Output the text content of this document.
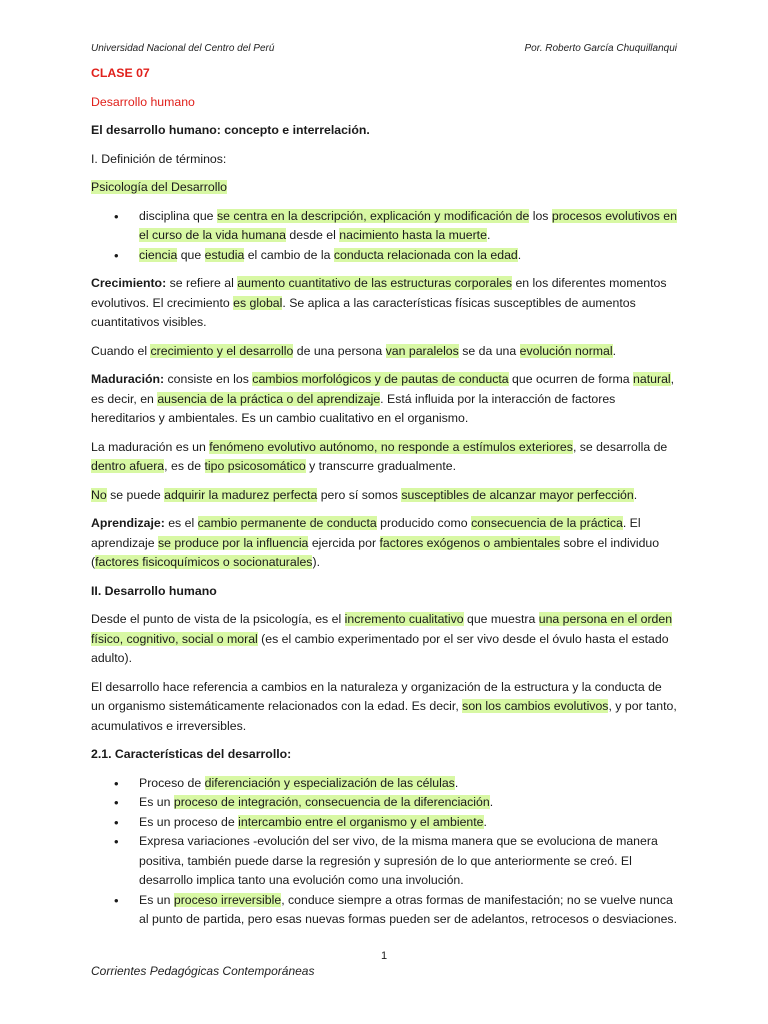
Universidad Nacional del Centro del Perú	Por. Roberto García Chuquillanqui

CLASE 07

Desarrollo humano

El desarrollo humano: concepto e interrelación.

I. Definición de términos:

Psicología del Desarrollo

• disciplina que se centra en la descripción, explicación y modificación de los procesos evolutivos en el curso de la vida humana desde el nacimiento hasta la muerte.
• ciencia que estudia el cambio de la conducta relacionada con la edad.

Crecimiento: se refiere al aumento cuantitativo de las estructuras corporales en los diferentes momentos evolutivos. El crecimiento es global. Se aplica a las características físicas susceptibles de aumentos cuantitativos visibles.

Cuando el crecimiento y el desarrollo de una persona van paralelos se da una evolución normal.

Maduración: consiste en los cambios morfológicos y de pautas de conducta que ocurren de forma natural, es decir, en ausencia de la práctica o del aprendizaje. Está influida por la interacción de factores hereditarios y ambientales. Es un cambio cualitativo en el organismo.

La maduración es un fenómeno evolutivo autónomo, no responde a estímulos exteriores, se desarrolla de dentro afuera, es de tipo psicosomático y transcurre gradualmente.

No se puede adquirir la madurez perfecta pero sí somos susceptibles de alcanzar mayor perfección.

Aprendizaje: es el cambio permanente de conducta producido como consecuencia de la práctica. El aprendizaje se produce por la influencia ejercida por factores exógenos o ambientales sobre el individuo (factores fisicoquímicos o socionaturales).

II. Desarrollo humano

Desde el punto de vista de la psicología, es el incremento cualitativo que muestra una persona en el orden físico, cognitivo, social o moral (es el cambio experimentado por el ser vivo desde el óvulo hasta el estado adulto).

El desarrollo hace referencia a cambios en la naturaleza y organización de la estructura y la conducta de un organismo sistemáticamente relacionados con la edad. Es decir, son los cambios evolutivos, y por tanto, acumulativos e irreversibles.

2.1. Características del desarrollo:

• Proceso de diferenciación y especialización de las células.
• Es un proceso de integración, consecuencia de la diferenciación.
• Es un proceso de intercambio entre el organismo y el ambiente.
• Expresa variaciones -evolución del ser vivo, de la misma manera que se evoluciona de manera positiva, también puede darse la regresión y supresión de lo que anteriormente se creó. El desarrollo implica tanto una evolución como una involución.
• Es un proceso irreversible, conduce siempre a otras formas de manifestación; no se vuelve nunca al punto de partida, pero esas nuevas formas pueden ser de adelantos, retrocesos o desviaciones.
1
Corrientes Pedagógicas Contemporáneas
